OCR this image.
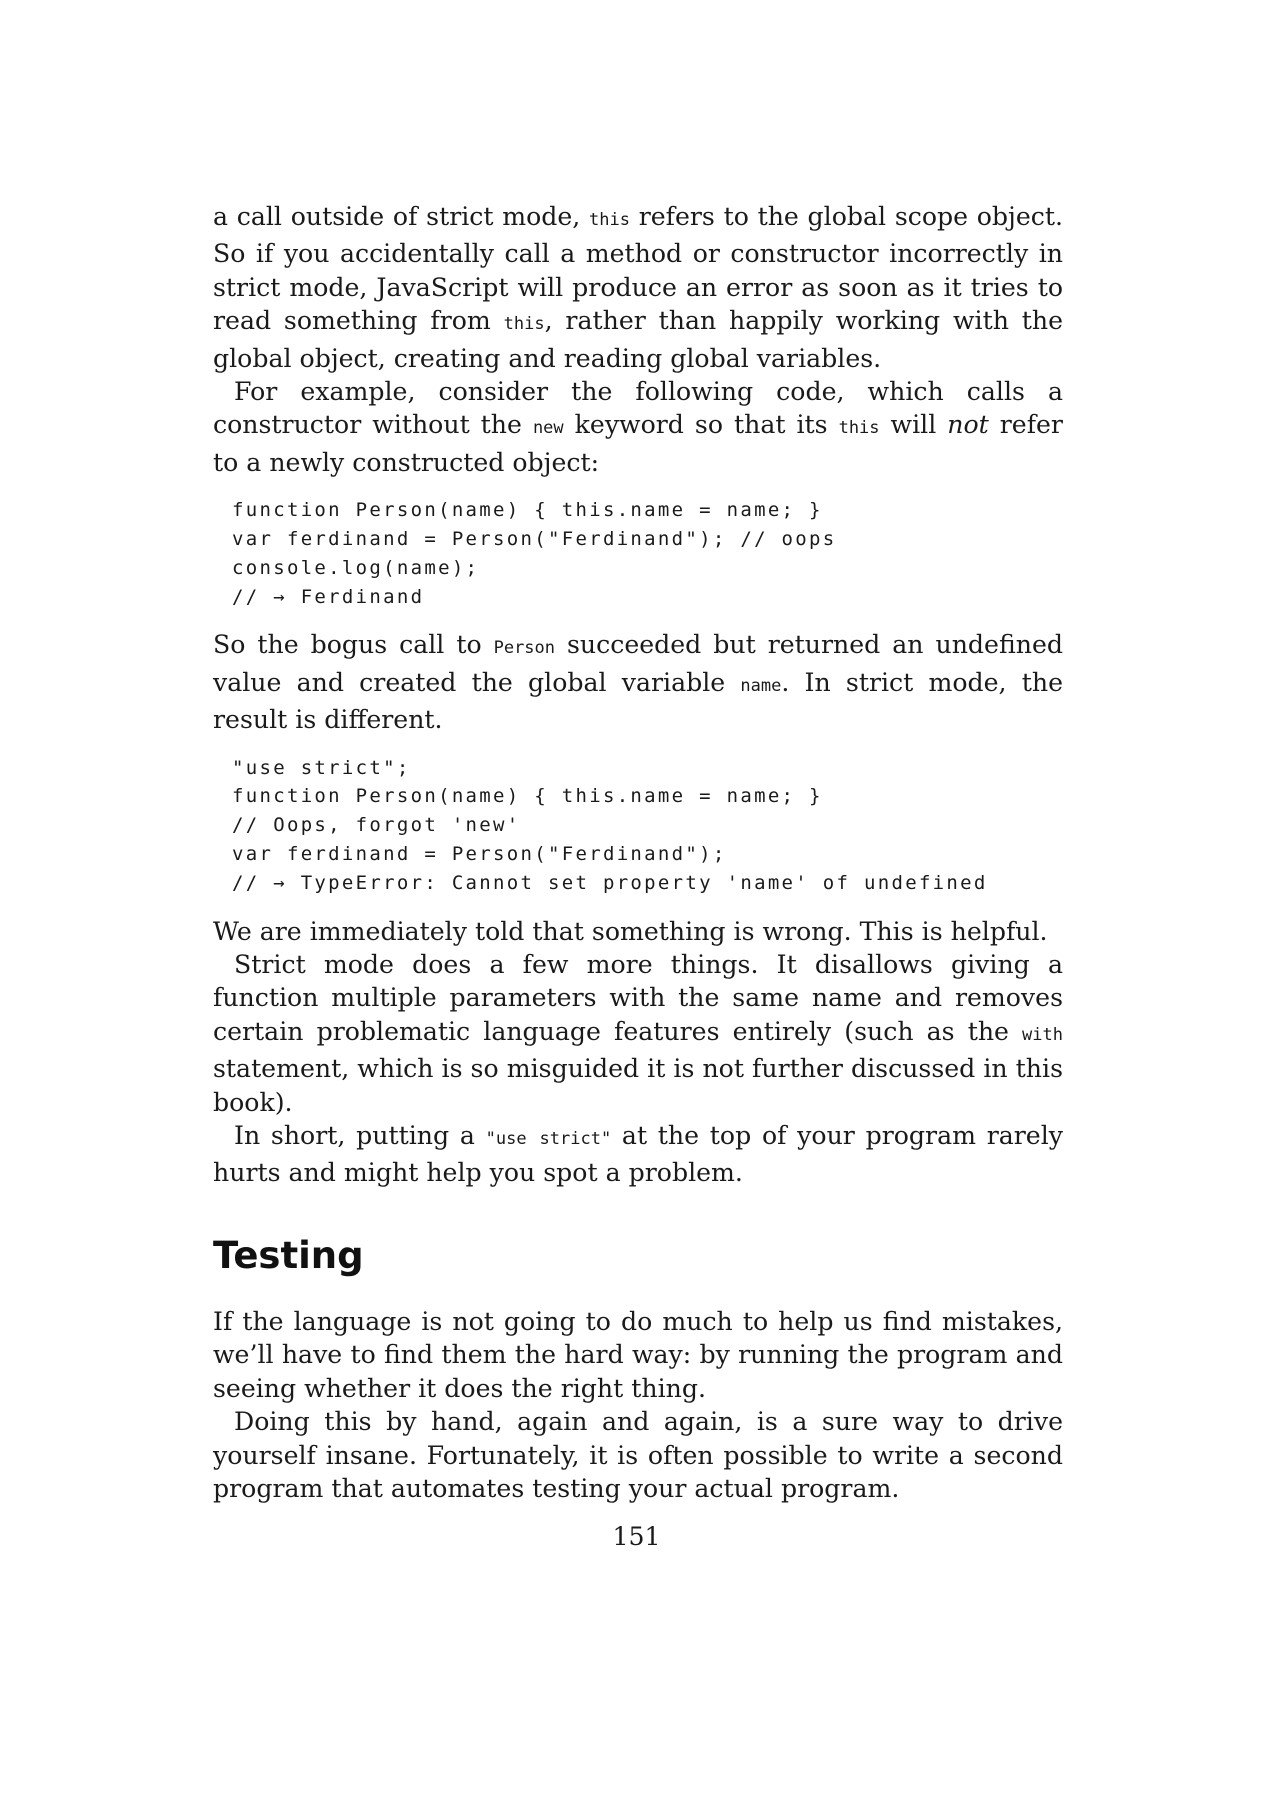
a call outside of strict mode, this refers to the global scope object. So if you accidentally call a method or constructor incorrectly in strict mode, JavaScript will produce an error as soon as it tries to read something from this, rather than happily working with the global object, creating and reading global variables.

For example, consider the following code, which calls a constructor without the new keyword so that its this will not refer to a newly constructed object:

function Person(name) { this.name = name; }
var ferdinand = Person("Ferdinand"); // oops
console.log(name);
// → Ferdinand

So the bogus call to Person succeeded but returned an undefined value and created the global variable name. In strict mode, the result is different.

"use strict";
function Person(name) { this.name = name; }
// Oops, forgot 'new'
var ferdinand = Person("Ferdinand");
// → TypeError: Cannot set property 'name' of undefined

We are immediately told that something is wrong. This is helpful.

Strict mode does a few more things. It disallows giving a function multiple parameters with the same name and removes certain problematic language features entirely (such as the with statement, which is so misguided it is not further discussed in this book).

In short, putting a "use strict" at the top of your program rarely hurts and might help you spot a problem.

Testing

If the language is not going to do much to help us find mistakes, we’ll have to find them the hard way: by running the program and seeing whether it does the right thing.

Doing this by hand, again and again, is a sure way to drive yourself insane. Fortunately, it is often possible to write a second program that automates testing your actual program.

151
